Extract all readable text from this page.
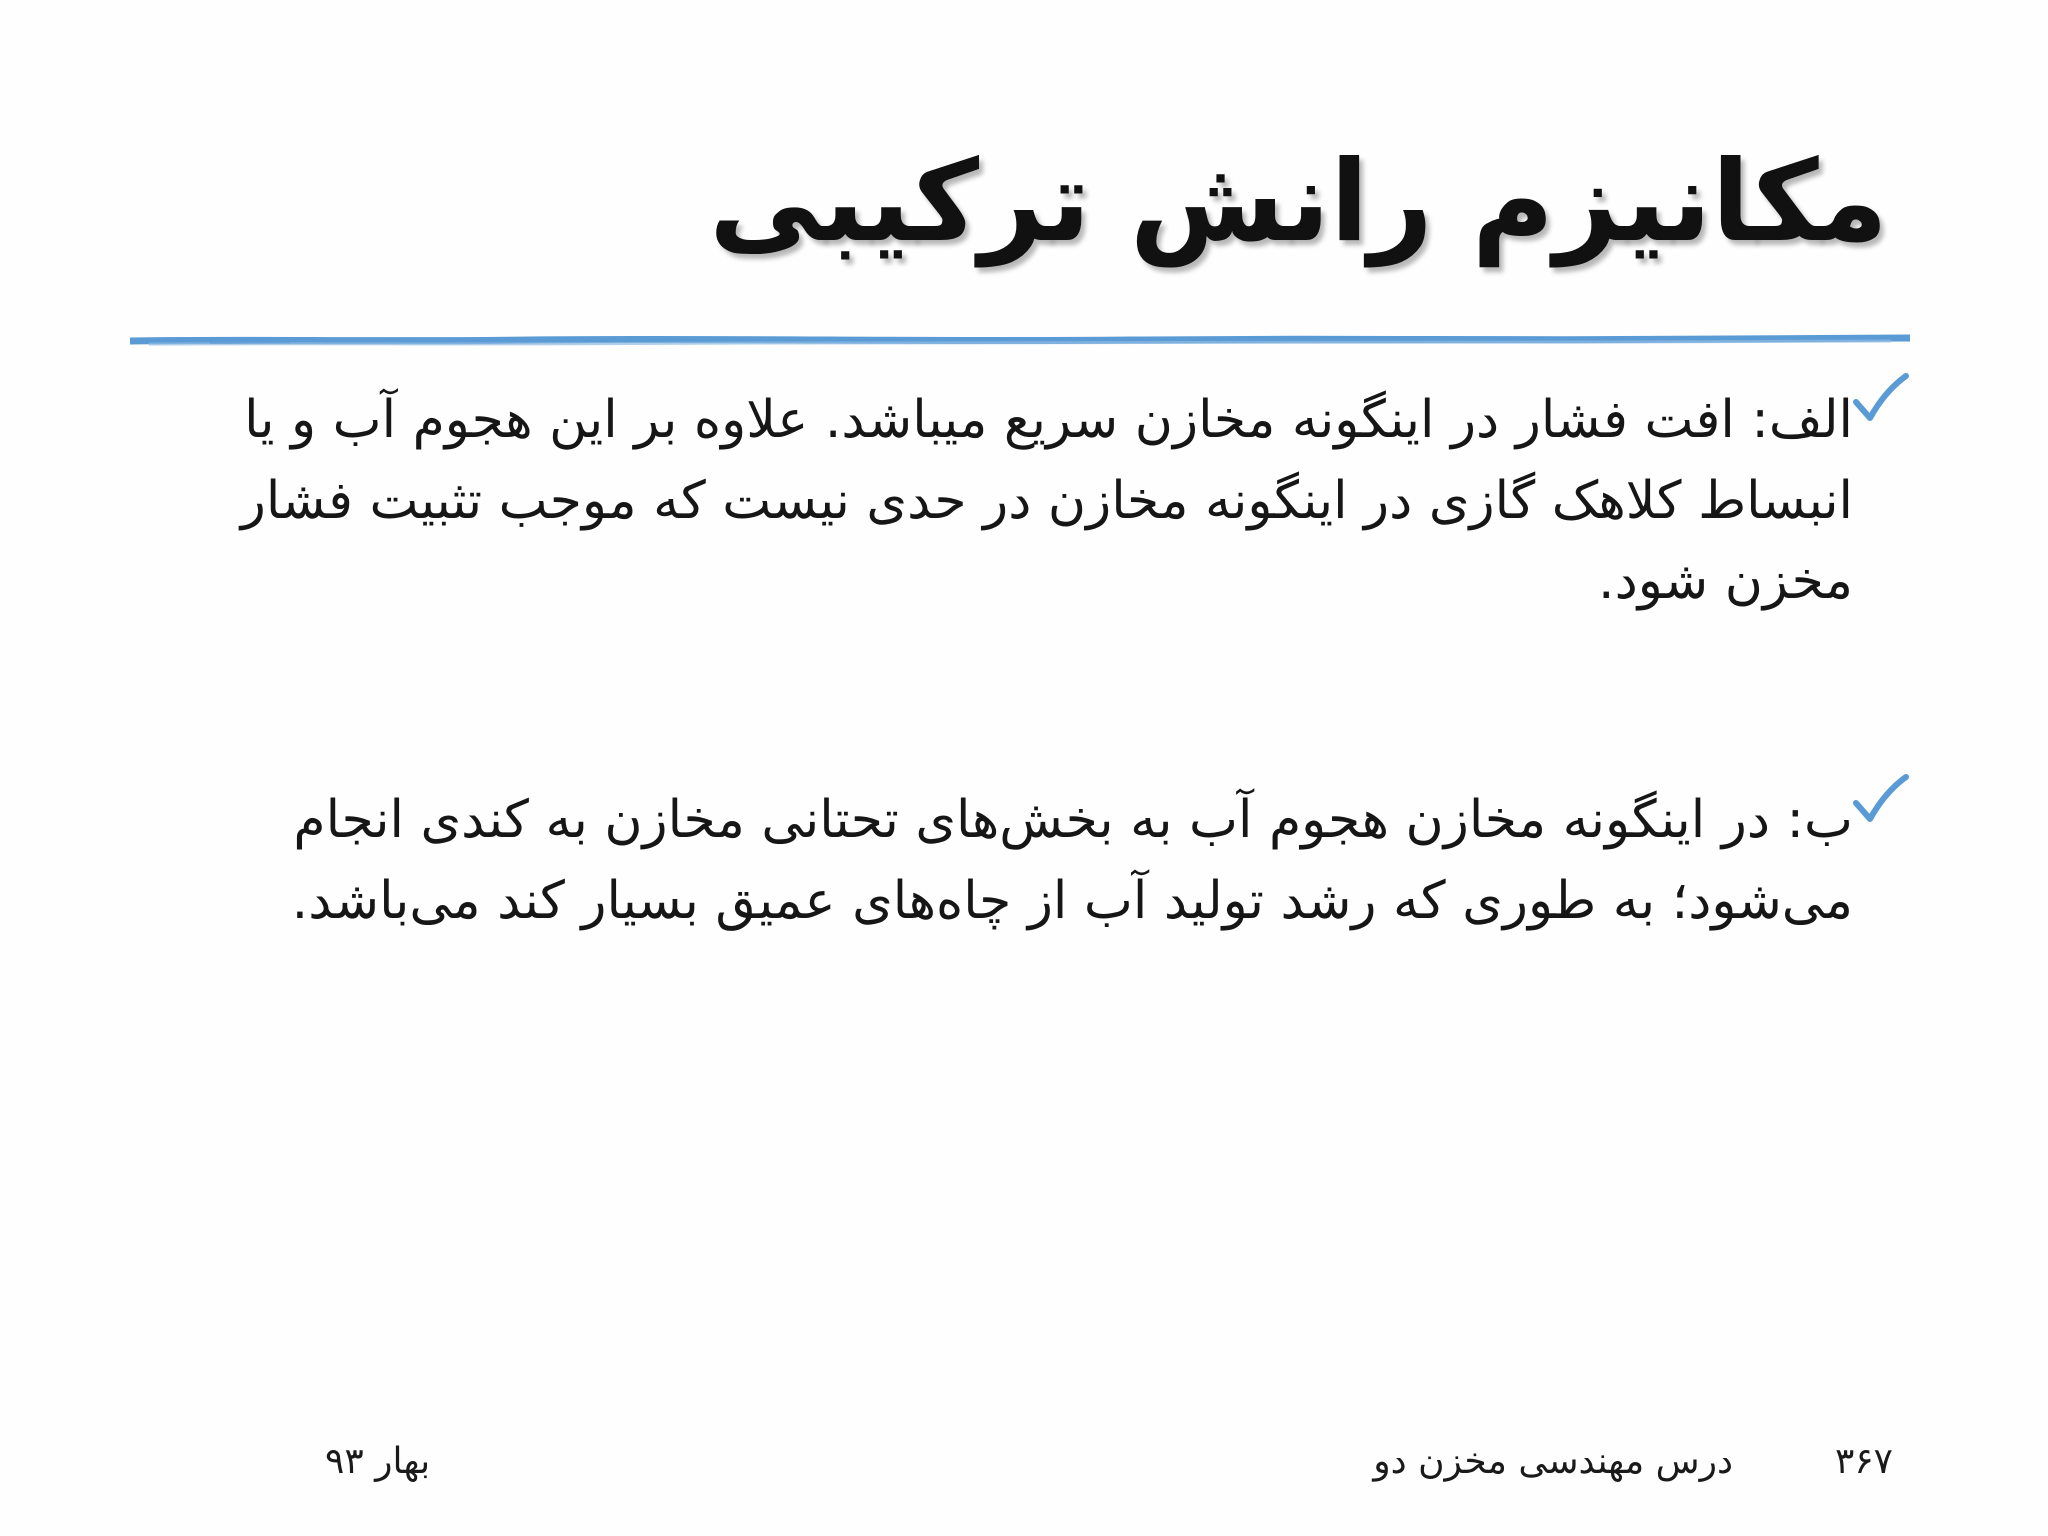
مکانیزم رانش ترکیبی
الف: افت فشار در اینگونه مخازن سریع میباشد. علاوه بر این هجوم آب و یا انبساط کلاهک گازی در اینگونه مخازن در حدی نیست که موجب تثبیت فشار مخزن شود.
ب: در اینگونه مخازن هجوم آب به بخش‌های تحتانی مخازن به کندی انجام می‌شود؛ به طوری که رشد تولید آب از چاه‌های عمیق بسیار کند می‌باشد.
۳۶۷
درس مهندسی مخزن دو
بهار ۹۳
